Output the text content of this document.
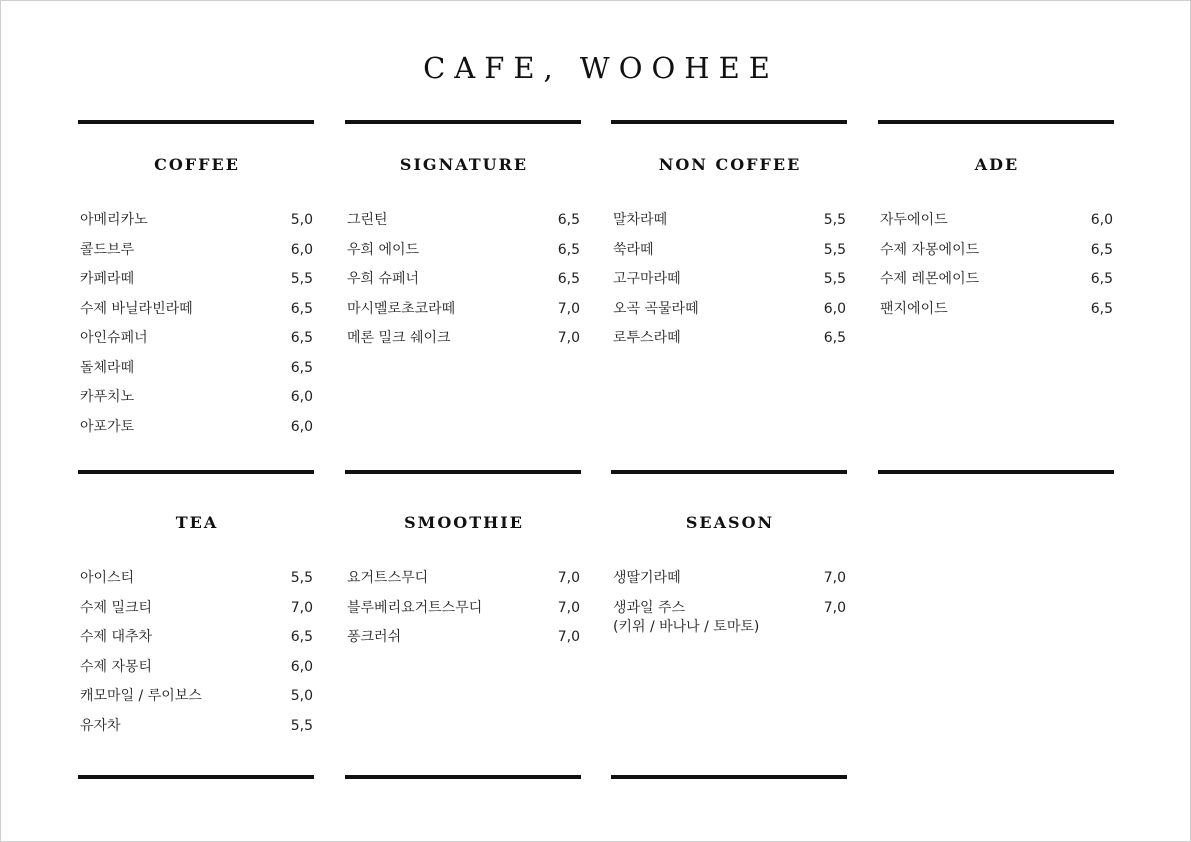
CAFE, WOOHEE
COFFEE
아메리카노	5,0
콜드브루	6,0
카페라떼	5,5
수제 바닐라빈라떼	6,5
아인슈페너	6,5
돌체라떼	6,5
카푸치노	6,0
아포가토	6,0
SIGNATURE
그린틴	6,5
우희 에이드	6,5
우희 슈페너	6,5
마시멜로초코라떼	7,0
메론 밀크 쉐이크	7,0
NON COFFEE
말차라떼	5,5
쑥라떼	5,5
고구마라떼	5,5
오곡 곡물라떼	6,0
로투스라떼	6,5
ADE
자두에이드	6,0
수제 자몽에이드	6,5
수제 레몬에이드	6,5
팬지에이드	6,5
TEA
아이스티	5,5
수제 밀크티	7,0
수제 대추차	6,5
수제 자몽티	6,0
캐모마일 / 루이보스	5,0
유자차	5,5
SMOOTHIE
요거트스무디	7,0
블루베리요거트스무디	7,0
퐁크러쉬	7,0
SEASON
생딸기라떼	7,0
생과일 주스	7,0
(키위 / 바나나 / 토마토)
